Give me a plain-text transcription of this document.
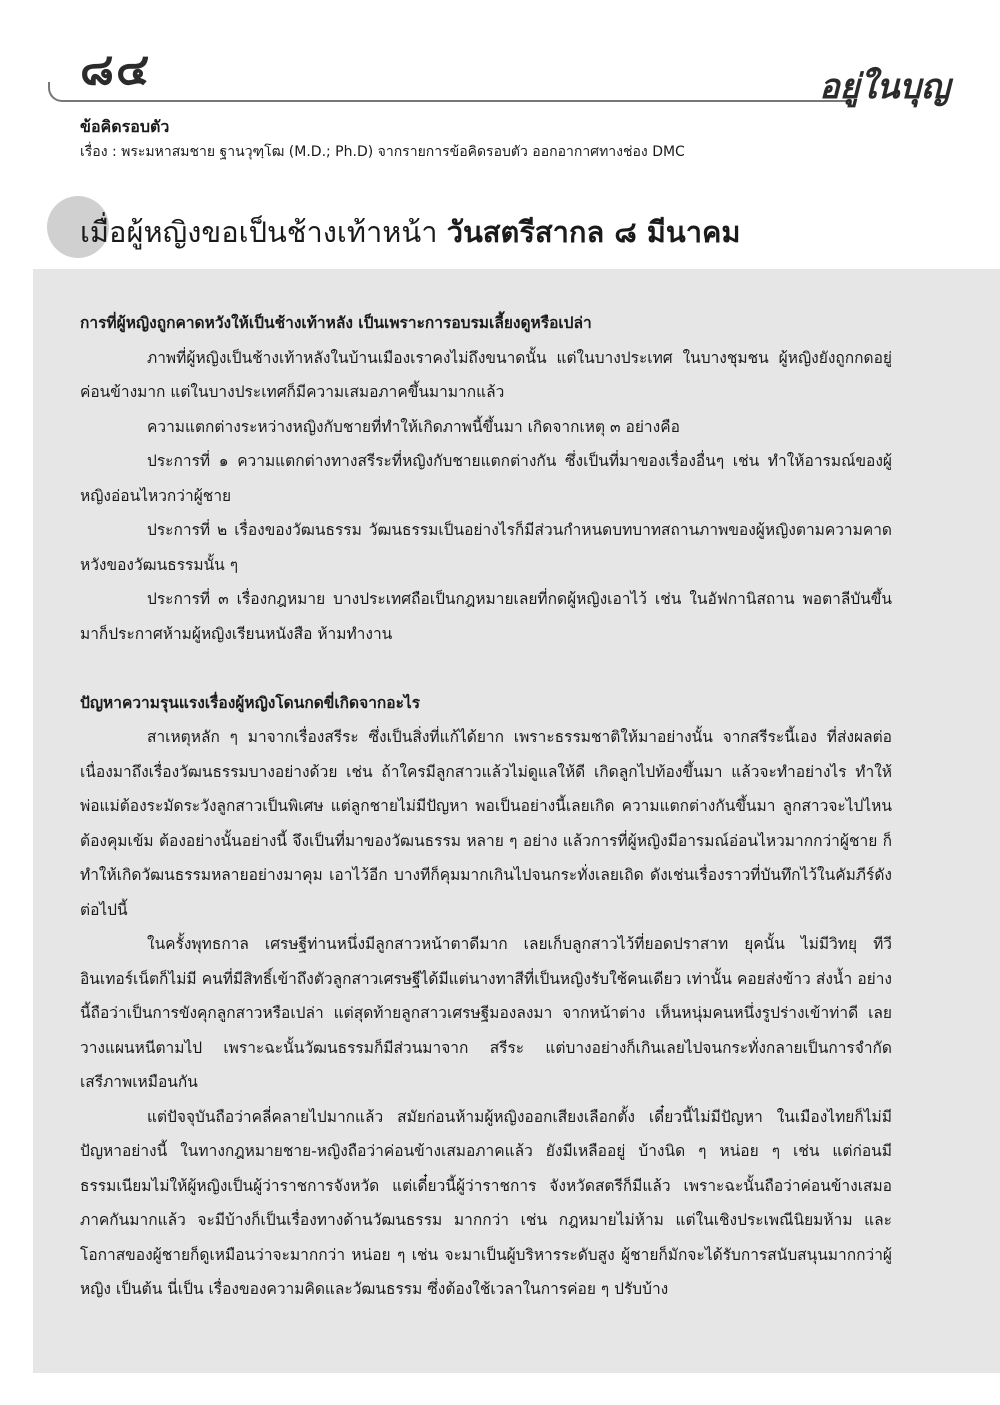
๘๔	อยู่ในบุญ
ข้อคิดรอบตัว
เรื่อง : พระมหาสมชาย ฐานวุฑฺโฒ (M.D.; Ph.D) จากรายการข้อคิดรอบตัว ออกอากาศทางช่อง DMC
เมื่อผู้หญิงขอเป็นช้างเท้าหน้า วันสตรีสากล ๘ มีนาคม

การที่ผู้หญิงถูกคาดหวังให้เป็นช้างเท้าหลัง เป็นเพราะการอบรมเลี้ยงดูหรือเปล่า

ภาพที่ผู้หญิงเป็นช้างเท้าหลังในบ้านเมืองเราคงไม่ถึงขนาดนั้น แต่ในบางประเทศ ในบางชุมชน ผู้หญิงยังถูกกดอยู่ค่อนข้างมาก แต่ในบางประเทศก็มีความเสมอภาคขึ้นมามากแล้ว

ความแตกต่างระหว่างหญิงกับชายที่ทำให้เกิดภาพนี้ขึ้นมา เกิดจากเหตุ ๓ อย่างคือ

ประการที่ ๑ ความแตกต่างทางสรีระที่หญิงกับชายแตกต่างกัน ซึ่งเป็นที่มาของเรื่องอื่นๆ เช่น ทำให้อารมณ์ของผู้หญิงอ่อนไหวกว่าผู้ชาย

ประการที่ ๒ เรื่องของวัฒนธรรม วัฒนธรรมเป็นอย่างไรก็มีส่วนกำหนดบทบาทสถานภาพของผู้หญิงตามความคาดหวังของวัฒนธรรมนั้น ๆ

ประการที่ ๓ เรื่องกฎหมาย บางประเทศถือเป็นกฎหมายเลยที่กดผู้หญิงเอาไว้ เช่น ในอัฟกานิสถาน พอตาลีบันขึ้นมาก็ประกาศห้ามผู้หญิงเรียนหนังสือ ห้ามทำงาน

ปัญหาความรุนแรงเรื่องผู้หญิงโดนกดขี่เกิดจากอะไร

สาเหตุหลัก ๆ มาจากเรื่องสรีระ ซึ่งเป็นสิ่งที่แก้ได้ยาก เพราะธรรมชาติให้มาอย่างนั้น จากสรีระนี้เอง ที่ส่งผลต่อเนื่องมาถึงเรื่องวัฒนธรรมบางอย่างด้วย เช่น ถ้าใครมีลูกสาวแล้วไม่ดูแลให้ดี เกิดลูกไปท้องขึ้นมา แล้วจะทำอย่างไร ทำให้พ่อแม่ต้องระมัดระวังลูกสาวเป็นพิเศษ แต่ลูกชายไม่มีปัญหา พอเป็นอย่างนี้เลยเกิด ความแตกต่างกันขึ้นมา ลูกสาวจะไปไหนต้องคุมเข้ม ต้องอย่างนั้นอย่างนี้ จึงเป็นที่มาของวัฒนธรรม หลาย ๆ อย่าง แล้วการที่ผู้หญิงมีอารมณ์อ่อนไหวมากกว่าผู้ชาย ก็ทำให้เกิดวัฒนธรรมหลายอย่างมาคุม เอาไว้อีก บางทีก็คุมมากเกินไปจนกระทั่งเลยเถิด ดังเช่นเรื่องราวที่บันทึกไว้ในคัมภีร์ดังต่อไปนี้

ในครั้งพุทธกาล เศรษฐีท่านหนึ่งมีลูกสาวหน้าตาดีมาก เลยเก็บลูกสาวไว้ที่ยอดปราสาท ยุคนั้น ไม่มีวิทยุ ทีวี อินเทอร์เน็ตก็ไม่มี คนที่มีสิทธิ์เข้าถึงตัวลูกสาวเศรษฐีได้มีแต่นางทาสีที่เป็นหญิงรับใช้คนเดียว เท่านั้น คอยส่งข้าว ส่งน้ำ อย่างนี้ถือว่าเป็นการขังคุกลูกสาวหรือเปล่า แต่สุดท้ายลูกสาวเศรษฐีมองลงมา จากหน้าต่าง เห็นหนุ่มคนหนึ่งรูปร่างเข้าท่าดี เลยวางแผนหนีตามไป เพราะฉะนั้นวัฒนธรรมก็มีส่วนมาจาก สรีระ แต่บางอย่างก็เกินเลยไปจนกระทั่งกลายเป็นการจำกัดเสรีภาพเหมือนกัน

แต่ปัจจุบันถือว่าคลี่คลายไปมากแล้ว สมัยก่อนห้ามผู้หญิงออกเสียงเลือกตั้ง เดี๋ยวนี้ไม่มีปัญหา ในเมืองไทยก็ไม่มีปัญหาอย่างนี้ ในทางกฎหมายชาย-หญิงถือว่าค่อนข้างเสมอภาคแล้ว ยังมีเหลืออยู่ บ้างนิด ๆ หน่อย ๆ เช่น แต่ก่อนมีธรรมเนียมไม่ให้ผู้หญิงเป็นผู้ว่าราชการจังหวัด แต่เดี๋ยวนี้ผู้ว่าราชการ จังหวัดสตรีก็มีแล้ว เพราะฉะนั้นถือว่าค่อนข้างเสมอภาคกันมากแล้ว จะมีบ้างก็เป็นเรื่องทางด้านวัฒนธรรม มากกว่า เช่น กฎหมายไม่ห้าม แต่ในเชิงประเพณีนิยมห้าม และโอกาสของผู้ชายก็ดูเหมือนว่าจะมากกว่า หน่อย ๆ เช่น จะมาเป็นผู้บริหารระดับสูง ผู้ชายก็มักจะได้รับการสนับสนุนมากกว่าผู้หญิง เป็นต้น นี่เป็น เรื่องของความคิดและวัฒนธรรม ซึ่งต้องใช้เวลาในการค่อย ๆ ปรับบ้าง
